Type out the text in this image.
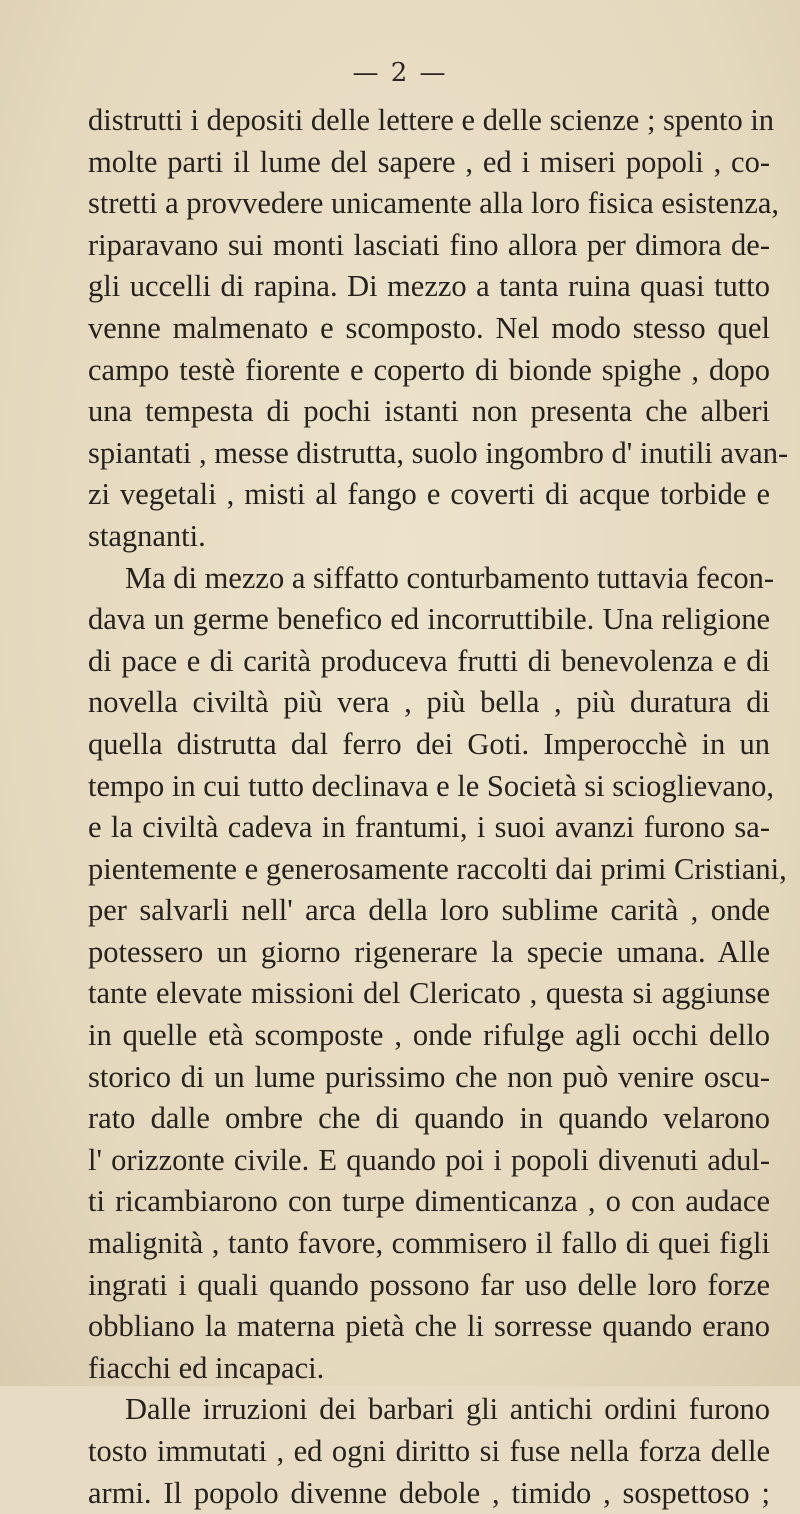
— 2 —
distrutti i depositi delle lettere e delle scienze ; spento in
molte parti il lume del sapere , ed i miseri popoli , co-
stretti a provvedere unicamente alla loro fisica esistenza,
riparavano sui monti lasciati fino allora per dimora de-
gli uccelli di rapina. Di mezzo a tanta ruina quasi tutto
venne malmenato e scomposto. Nel modo stesso quel
campo testè fiorente e coperto di bionde spighe , dopo
una tempesta di pochi istanti non presenta che alberi
spiantati , messe distrutta, suolo ingombro d' inutili avan-
zi vegetali , misti al fango e coverti di acque torbide e
stagnanti.
Ma di mezzo a siffatto conturbamento tuttavia fecon-
dava un germe benefico ed incorruttibile. Una religione
di pace e di carità produceva frutti di benevolenza e di
novella civiltà più vera , più bella , più duratura di
quella distrutta dal ferro dei Goti. Imperocchè in un
tempo in cui tutto declinava e le Società si scioglievano,
e la civiltà cadeva in frantumi, i suoi avanzi furono sa-
pientemente e generosamente raccolti dai primi Cristiani,
per salvarli nell' arca della loro sublime carità , onde
potessero un giorno rigenerare la specie umana. Alle
tante elevate missioni del Clericato , questa si aggiunse
in quelle età scomposte , onde rifulge agli occhi dello
storico di un lume purissimo che non può venire oscu-
rato dalle ombre che di quando in quando velarono
l' orizzonte civile. E quando poi i popoli divenuti adul-
ti ricambiarono con turpe dimenticanza , o con audace
malignità , tanto favore, commisero il fallo di quei figli
ingrati i quali quando possono far uso delle loro forze
obbliano la materna pietà che li sorresse quando erano
fiacchi ed incapaci.
Dalle irruzioni dei barbari gli antichi ordini furono
tosto immutati , ed ogni diritto si fuse nella forza delle
armi. Il popolo divenne debole , timido , sospettoso ;
